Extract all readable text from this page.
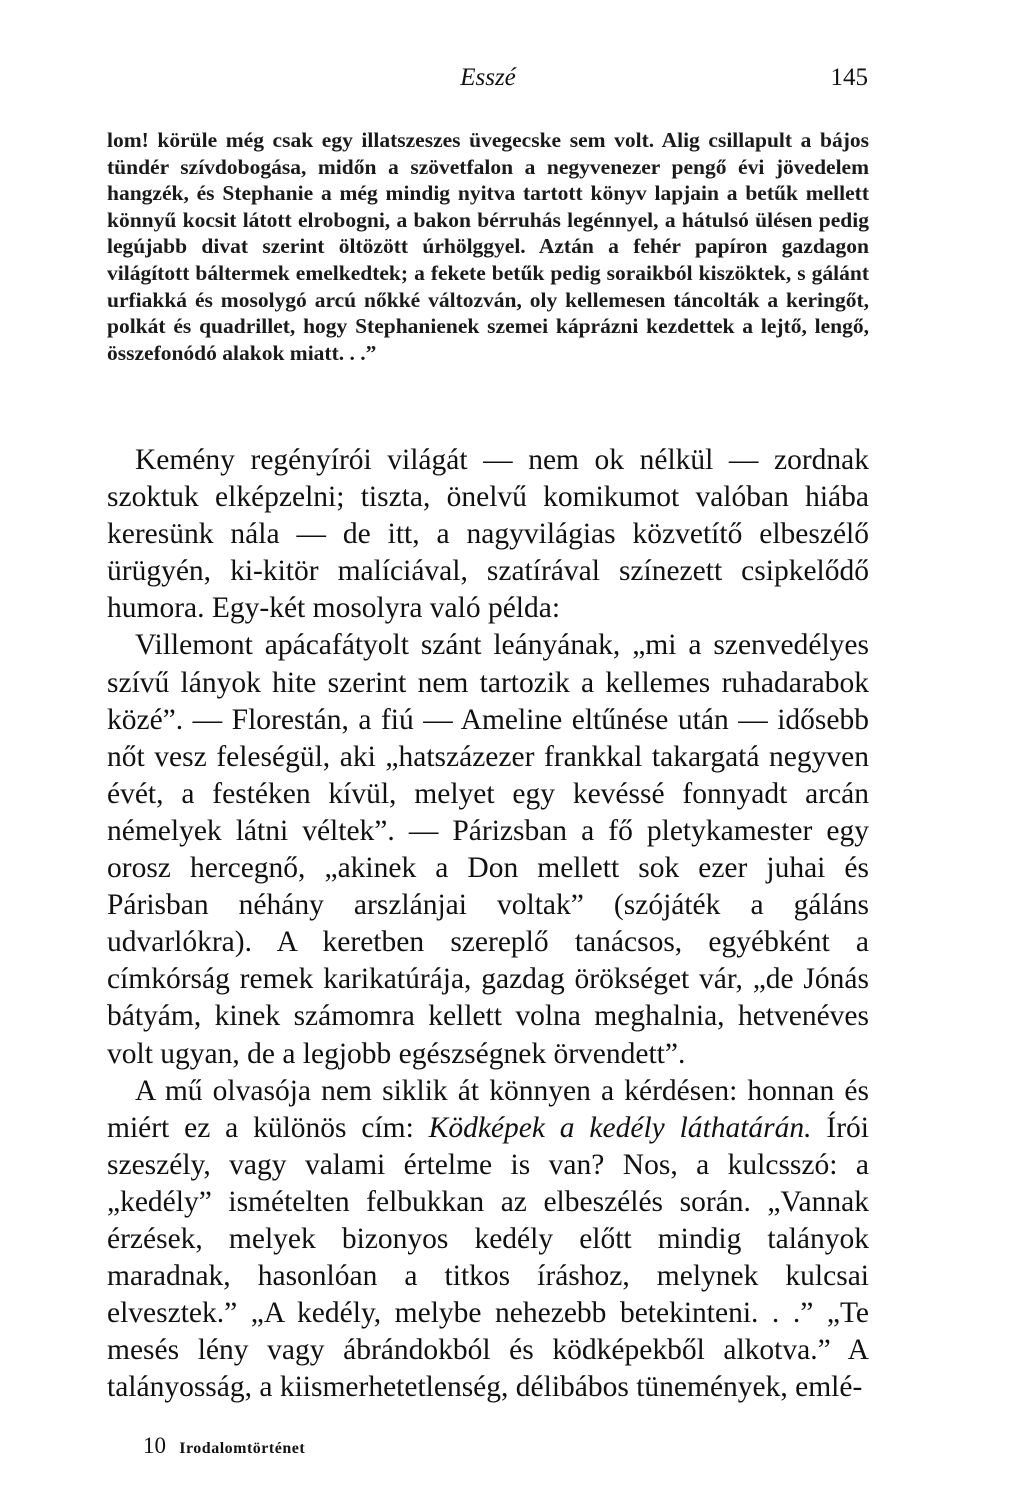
Esszé	145

lom! körüle még csak egy illatszeszes üvegecske sem volt. Alig csillapult a bájos tündér szívdobogása, midőn a szövetfalon a negyvenezer pengő évi jövedelem hangzék, és Stephanie a még mindig nyitva tartott könyv lapjain a betűk mellett könnyű kocsit látott elrobogni, a bakon bérruhás legénnyel, a hátulsó ülésen pedig legújabb divat szerint öltözött úrhölggyel. Aztán a fehér papíron gazdagon világított báltermek emelkedtek; a fekete betűk pedig soraikból kiszöktek, s gálánt urfiakká és mosolygó arcú nőkké változván, oly kellemesen táncolták a keringőt, polkát és quadrillet, hogy Stephanienek szemei káprázni kezdettek a lejtő, lengő, összefonódó alakok miatt. . .”

Kemény regényírói világát — nem ok nélkül — zordnak szoktuk elképzelni; tiszta, önelvű komikumot valóban hiába keresünk nála — de itt, a nagyvilágias közvetítő elbeszélő ürügyén, ki-kitör malíciával, szatírával színezett csipkelődő humora. Egy-két mosolyra való példa:

Villemont apácafátyolt szánt leányának, „mi a szenvedélyes szívű lányok hite szerint nem tartozik a kellemes ruhadarabok közé”. — Florestán, a fiú — Ameline eltűnése után — idősebb nőt vesz feleségül, aki „hatszázezer frankkal takargatá negyven évét, a festéken kívül, melyet egy kevéssé fonnyadt arcán némelyek látni véltek”. — Párizsban a fő pletykamester egy orosz hercegnő, „akinek a Don mellett sok ezer juhai és Párisban néhány arszlánjai voltak” (szójáték a gáláns udvarlókra). A keretben szereplő tanácsos, egyébként a címkórság remek karikatúrája, gazdag örökséget vár, „de Jónás bátyám, kinek számomra kellett volna meghalnia, hetvenéves volt ugyan, de a legjobb egészségnek örvendett”.

A mű olvasója nem siklik át könnyen a kérdésen: honnan és miért ez a különös cím: Ködképek a kedély láthatárán. Írói szeszély, vagy valami értelme is van? Nos, a kulcsszó: a „kedély” ismételten felbukkan az elbeszélés során. „Vannak érzések, melyek bizonyos kedély előtt mindig talányok maradnak, hasonlóan a titkos íráshoz, melynek kulcsai elvesztek.” „A kedély, melybe nehezebb betekinteni. . .” „Te mesés lény vagy ábrándokból és ködképekből alkotva.” A talányosság, a kiismerhetetlenség, délibábos tünemények, emlé-

10 Irodalomtörténet
